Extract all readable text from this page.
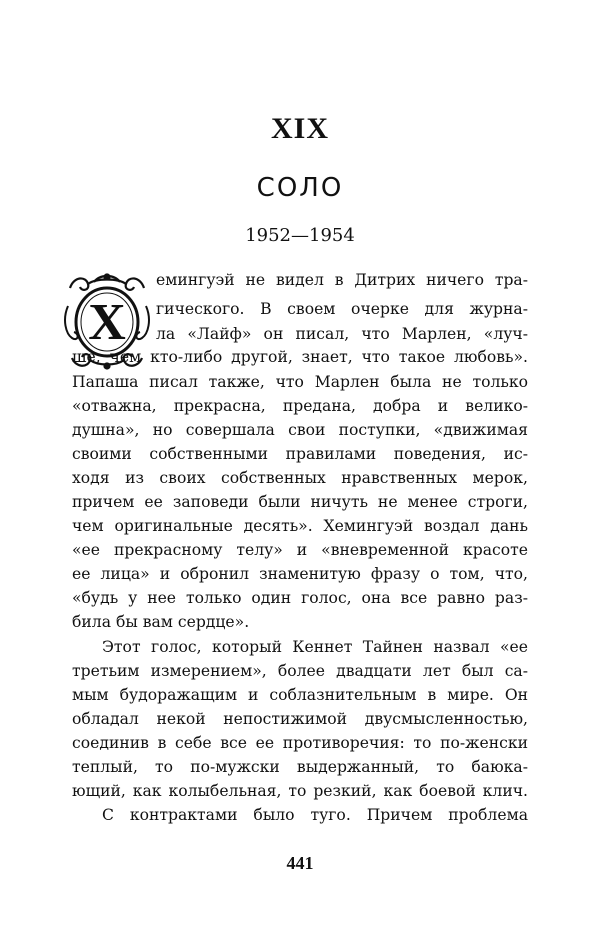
XIX
СОЛО
1952—1954
Х
емингуэй не видел в Дитрих ничего тра-
гического. В своем очерке для журна-
ла «Лайф» он писал, что Марлен, «луч-
ше, чем кто-либо другой, знает, что такое любовь».
Папаша писал также, что Марлен была не только
«отважна, прекрасна, предана, добра и велико-
душна», но совершала свои поступки, «движимая
своими собственными правилами поведения, ис-
ходя из своих собственных нравственных мерок,
причем ее заповеди были ничуть не менее строги,
чем оригинальные десять». Хемингуэй воздал дань
«ее прекрасному телу» и «вневременной красоте
ее лица» и обронил знаменитую фразу о том, что,
«будь у нее только один голос, она все равно раз-
била бы вам сердце».
Этот голос, который Кеннет Тайнен назвал «ее
третьим измерением», более двадцати лет был са-
мым будоражащим и соблазнительным в мире. Он
обладал некой непостижимой двусмысленностью,
соединив в себе все ее противоречия: то по-женски
теплый, то по-мужски выдержанный, то баюка-
ющий, как колыбельная, то резкий, как боевой клич.
С контрактами было туго. Причем проблема
441
